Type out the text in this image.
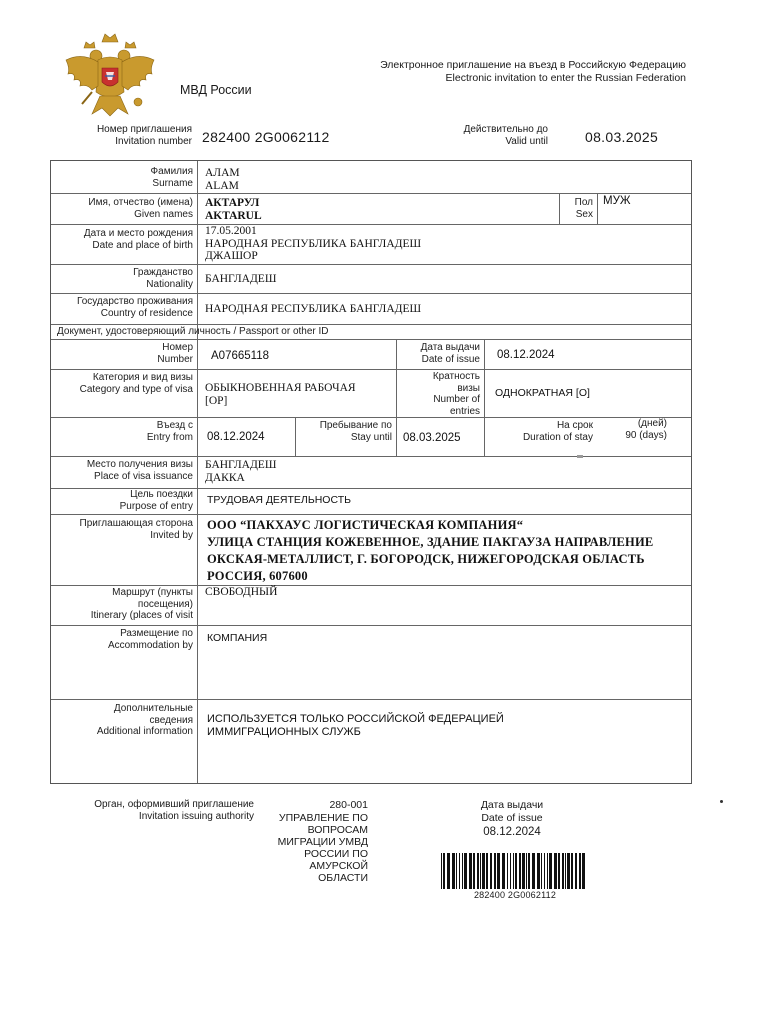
МВД России
Электронное приглашение на въезд в Российскую Федерацию
Electronic invitation to enter the Russian Federation
Номер приглашения
Invitation number 282400 2G0062112	Действительно до
Valid until	08.03.2025
Фамилия
Surname
АЛАМ
ALAM
Имя, отчество (имена)
Given names
АКТАРУЛ
AKTARUL
Пол
Sex
МУЖ
Дата и место рождения
Date and place of birth
17.05.2001
НАРОДНАЯ РЕСПУБЛИКА БАНГЛАДЕШ
ДЖАШОР
Гражданство
Nationality БАНГЛАДЕШ
Государство проживания
Country of residence НАРОДНАЯ РЕСПУБЛИКА БАНГЛАДЕШ
Документ, удостоверяющий личность / Passport or other ID
Номер
Number A07665118
Дата выдачи
Date of issue 08.12.2024
Категория и вид визы
Category and type of visa ОБЫКНОВЕННАЯ РАБОЧАЯ
[OP]
Кратность
визы
Number of
entries
ОДНОКРАТНАЯ [O]
Въезд с
Entry from 08.12.2024
Пребывание по
Stay until 08.03.2025
На срок
Duration of stay
(дней)
90 (days)
Место получения визы
Place of visa issuance
БАНГЛАДЕШ
ДАККА
Цель поездки
Purpose of entry ТРУДОВАЯ ДЕЯТЕЛЬНОСТЬ
Приглашающая сторона
Invited by
ООО “ПАКХАУС ЛОГИСТИЧЕСКАЯ КОМПАНИЯ“
УЛИЦА СТАНЦИЯ КОЖЕВЕННОЕ, ЗДАНИЕ ПАКГАУЗА НАПРАВЛЕНИЕ
ОКСКАЯ-МЕТАЛЛИСТ, Г. БОГОРОДСК, НИЖЕГОРОДСКАЯ ОБЛАСТЬ
РОССИЯ, 607600
Маршрут (пункты
посещения)
Itinerary (places of visit
СВОБОДНЫЙ
Размещение по
Accommodation by
КОМПАНИЯ
Дополнительные
сведения
Additional information
ИСПОЛЬЗУЕТСЯ ТОЛЬКО РОССИЙСКОЙ ФЕДЕРАЦИЕЙ
ИММИГРАЦИОННЫХ СЛУЖБ
Орган, оформивший приглашение
Invitation issuing authority
280-001
УПРАВЛЕНИЕ ПО
ВОПРОСАМ
МИГРАЦИИ УМВД
РОССИИ ПО
АМУРСКОЙ
ОБЛАСТИ
Дата выдачи
Date of issue
08.12.2024
282400 2G0062112
